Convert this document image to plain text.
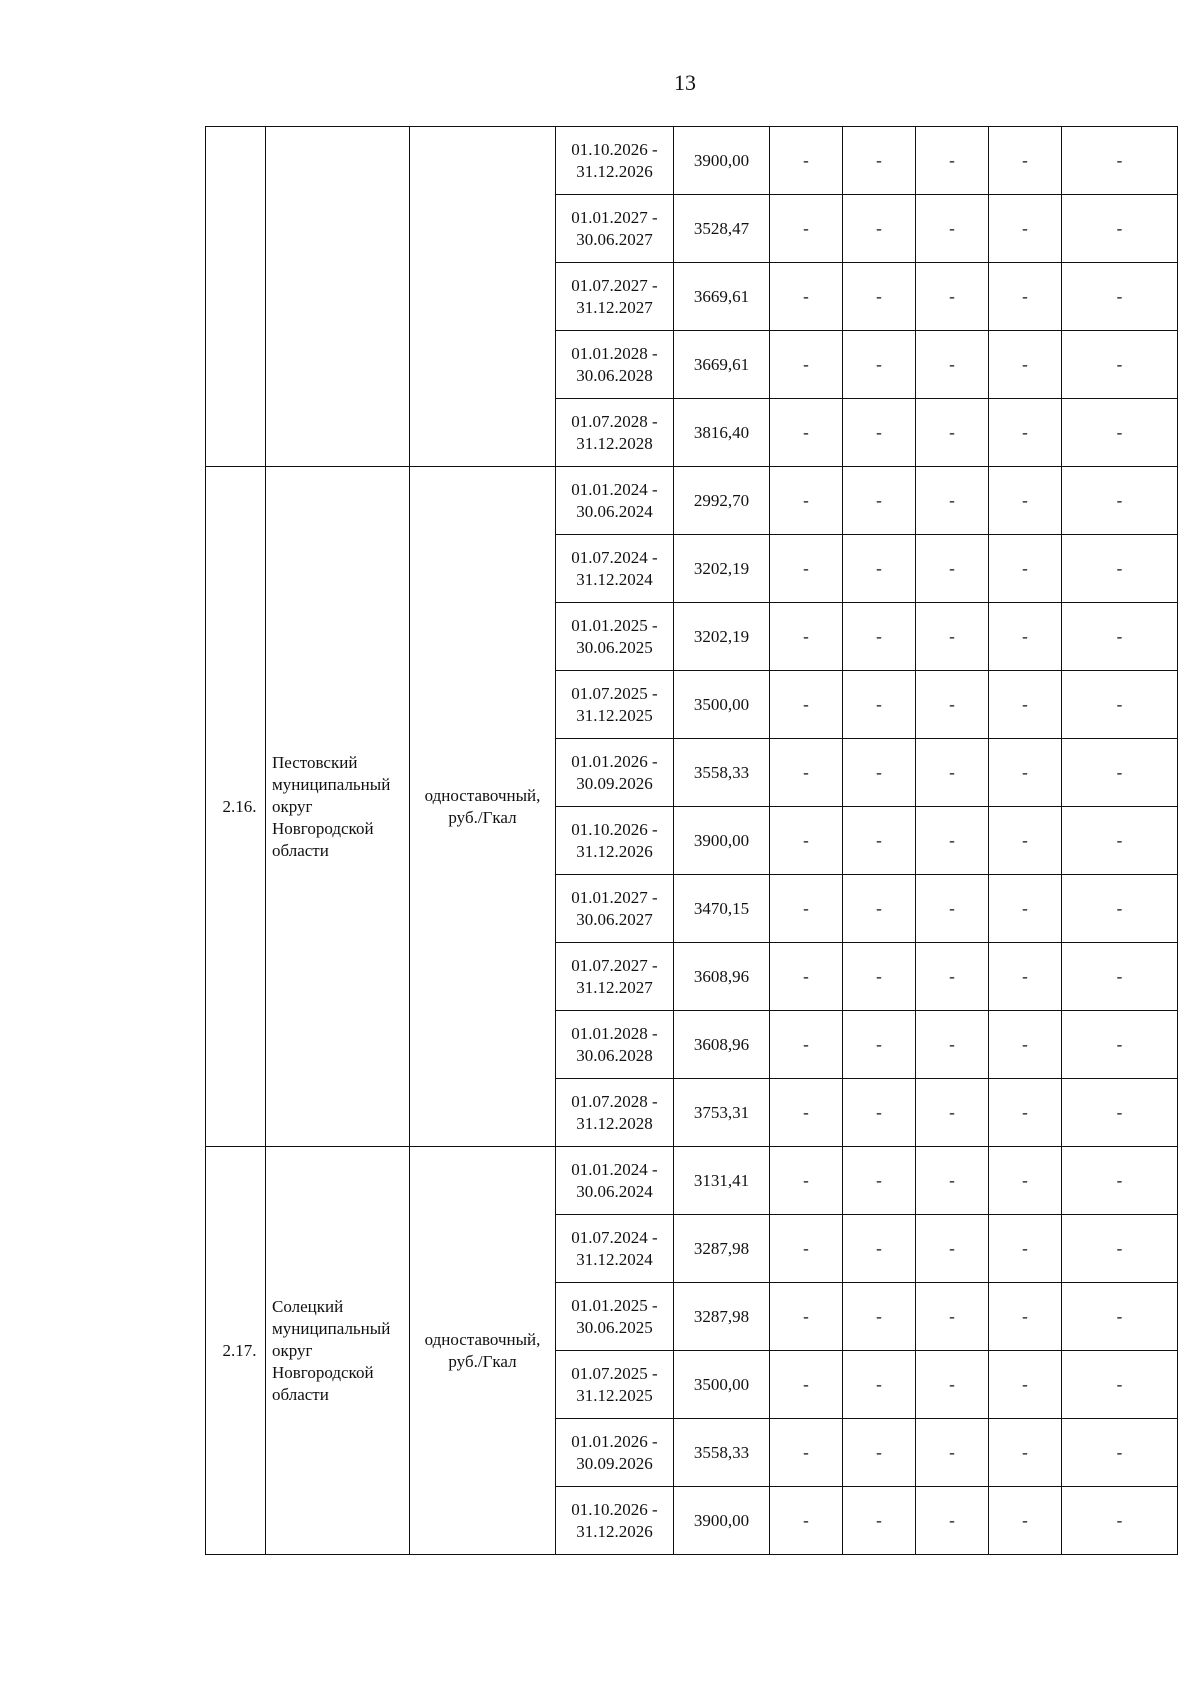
13
			01.10.2026 - 31.12.2026	3900,00	-	-	-	-	-
			01.01.2027 - 30.06.2027	3528,47	-	-	-	-	-
			01.07.2027 - 31.12.2027	3669,61	-	-	-	-	-
			01.01.2028 - 30.06.2028	3669,61	-	-	-	-	-
			01.07.2028 - 31.12.2028	3816,40	-	-	-	-	-
2.16.	Пестовский муниципальный округ Новгородской области	одноставочный, руб./Гкал	01.01.2024 - 30.06.2024	2992,70	-	-	-	-	-
			01.07.2024 - 31.12.2024	3202,19	-	-	-	-	-
			01.01.2025 - 30.06.2025	3202,19	-	-	-	-	-
			01.07.2025 - 31.12.2025	3500,00	-	-	-	-	-
			01.01.2026 - 30.09.2026	3558,33	-	-	-	-	-
			01.10.2026 - 31.12.2026	3900,00	-	-	-	-	-
			01.01.2027 - 30.06.2027	3470,15	-	-	-	-	-
			01.07.2027 - 31.12.2027	3608,96	-	-	-	-	-
			01.01.2028 - 30.06.2028	3608,96	-	-	-	-	-
			01.07.2028 - 31.12.2028	3753,31	-	-	-	-	-
2.17.	Солецкий муниципальный округ Новгородской области	одноставочный, руб./Гкал	01.01.2024 - 30.06.2024	3131,41	-	-	-	-	-
			01.07.2024 - 31.12.2024	3287,98	-	-	-	-	-
			01.01.2025 - 30.06.2025	3287,98	-	-	-	-	-
			01.07.2025 - 31.12.2025	3500,00	-	-	-	-	-
			01.01.2026 - 30.09.2026	3558,33	-	-	-	-	-
			01.10.2026 - 31.12.2026	3900,00	-	-	-	-	-
